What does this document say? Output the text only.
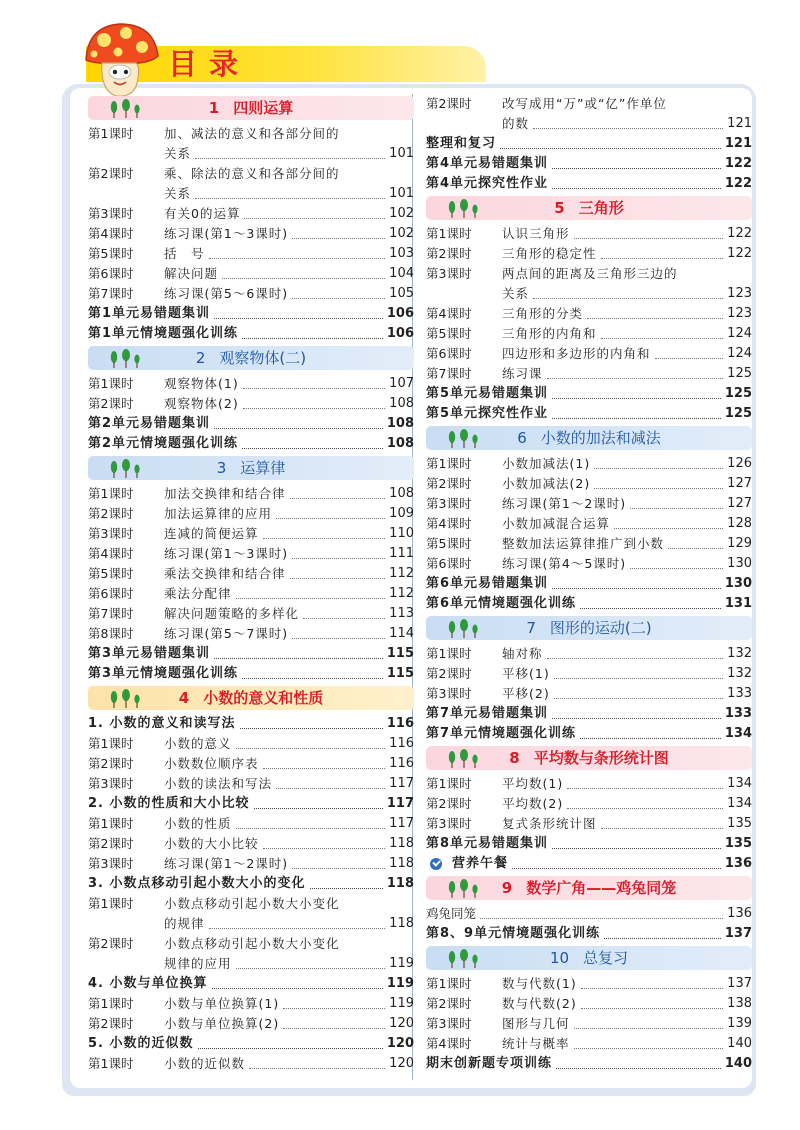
目录
1 四则运算
第1课时	加、减法的意义和各部分间的
关系	101
第2课时	乘、除法的意义和各部分间的
关系	101
第3课时	有关0的运算	102
第4课时	练习课(第1～3课时)	102
第5课时	括　号	103
第6课时	解决问题	104
第7课时	练习课(第5～6课时)	105
第1单元易错题集训	106
第1单元情境题强化训练	106
2 观察物体(二)
第1课时	观察物体(1)	107
第2课时	观察物体(2)	108
第2单元易错题集训	108
第2单元情境题强化训练	108
3 运算律
第1课时	加法交换律和结合律	108
第2课时	加法运算律的应用	109
第3课时	连减的简便运算	110
第4课时	练习课(第1～3课时)	111
第5课时	乘法交换律和结合律	112
第6课时	乘法分配律	112
第7课时	解决问题策略的多样化	113
第8课时	练习课(第5～7课时)	114
第3单元易错题集训	115
第3单元情境题强化训练	115
4 小数的意义和性质
1. 小数的意义和读写法	116
第1课时	小数的意义	116
第2课时	小数数位顺序表	116
第3课时	小数的读法和写法	117
2. 小数的性质和大小比较	117
第1课时	小数的性质	117
第2课时	小数的大小比较	118
第3课时	练习课(第1～2课时)	118
3. 小数点移动引起小数大小的变化	118
第1课时	小数点移动引起小数大小变化
的规律	118
第2课时	小数点移动引起小数大小变化
规律的应用	119
4. 小数与单位换算	119
第1课时	小数与单位换算(1)	119
第2课时	小数与单位换算(2)	120
5. 小数的近似数	120
第1课时	小数的近似数	120
第2课时	改写成用“万”或“亿”作单位
的数	121
整理和复习	121
第4单元易错题集训	122
第4单元探究性作业	122
5 三角形
第1课时	认识三角形	122
第2课时	三角形的稳定性	122
第3课时	两点间的距离及三角形三边的
关系	123
第4课时	三角形的分类	123
第5课时	三角形的内角和	124
第6课时	四边形和多边形的内角和	124
第7课时	练习课	125
第5单元易错题集训	125
第5单元探究性作业	125
6 小数的加法和减法
第1课时	小数加减法(1)	126
第2课时	小数加减法(2)	127
第3课时	练习课(第1～2课时)	127
第4课时	小数加减混合运算	128
第5课时	整数加法运算律推广到小数	129
第6课时	练习课(第4～5课时)	130
第6单元易错题集训	130
第6单元情境题强化训练	131
7 图形的运动(二)
第1课时	轴对称	132
第2课时	平移(1)	132
第3课时	平移(2)	133
第7单元易错题集训	133
第7单元情境题强化训练	134
8 平均数与条形统计图
第1课时	平均数(1)	134
第2课时	平均数(2)	134
第3课时	复式条形统计图	135
第8单元易错题集训	135
营养午餐	136
9 数学广角——鸡兔同笼
鸡兔同笼	136
第8、9单元情境题强化训练	137
10 总复习
第1课时	数与代数(1)	137
第2课时	数与代数(2)	138
第3课时	图形与几何	139
第4课时	统计与概率	140
期末创新题专项训练	140
